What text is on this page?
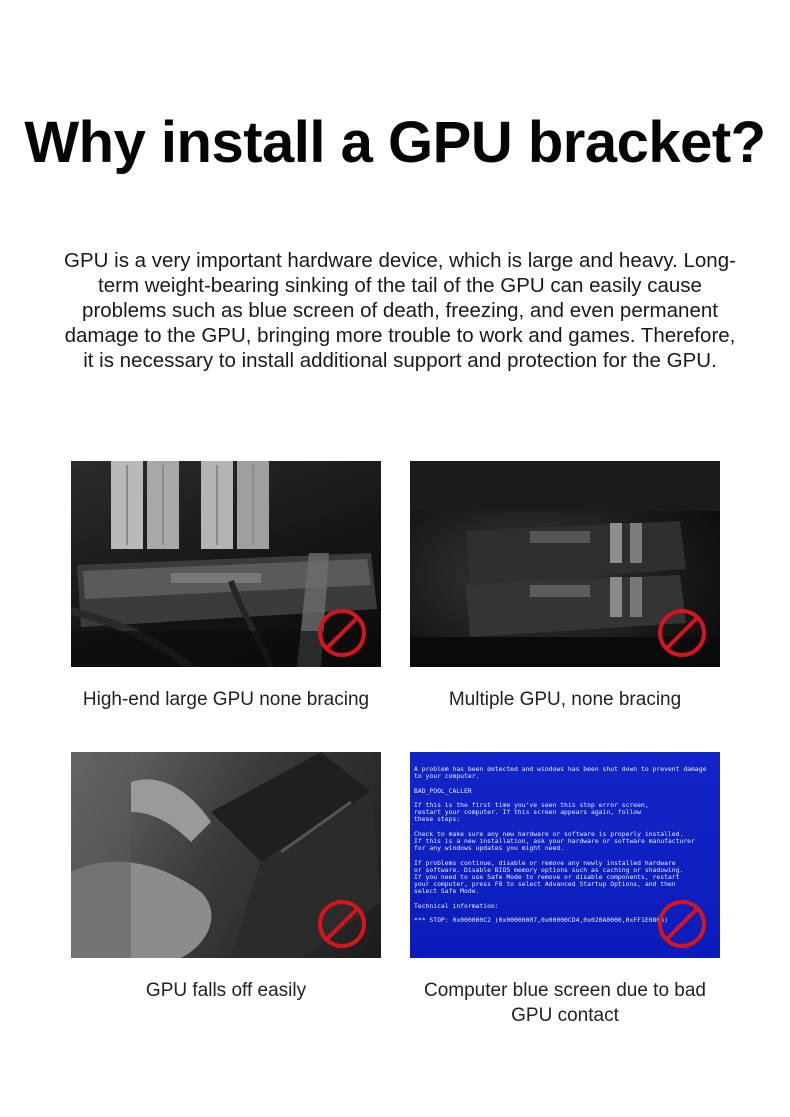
Why install a GPU bracket?
GPU is a very important hardware device, which is large and heavy. Long-term weight-bearing sinking of the tail of the GPU can easily cause problems such as blue screen of death, freezing, and even permanent damage to the GPU, bringing more trouble to work and games. Therefore, it is necessary to install additional support and protection for the GPU.
High-end large GPU none bracing	Multiple GPU, none bracing
GPU falls off easily
A problem has been detected and windows has been shut down to prevent damage
to your computer.
BAD_POOL_CALLER
If this is the first time you've seen this stop error screen,
restart your computer. If this screen appears again, follow
these steps:
Check to make sure any new hardware or software is properly installed.
If this is a new installation, ask your hardware or software manufacturer
for any windows updates you might need.
If problems continue, disable or remove any newly installed hardware
or software. Disable BIOS memory options such as caching or shadowing.
If you need to use Safe Mode to remove or disable components, restart
your computer, press F8 to select Advanced Startup Options, and then
select Safe Mode.
Technical information:
*** STOP: 0x000000C2 (0x00000007,0x00000CD4,0x020A0000,0xFF1E0803)
Computer blue screen due to bad GPU contact
